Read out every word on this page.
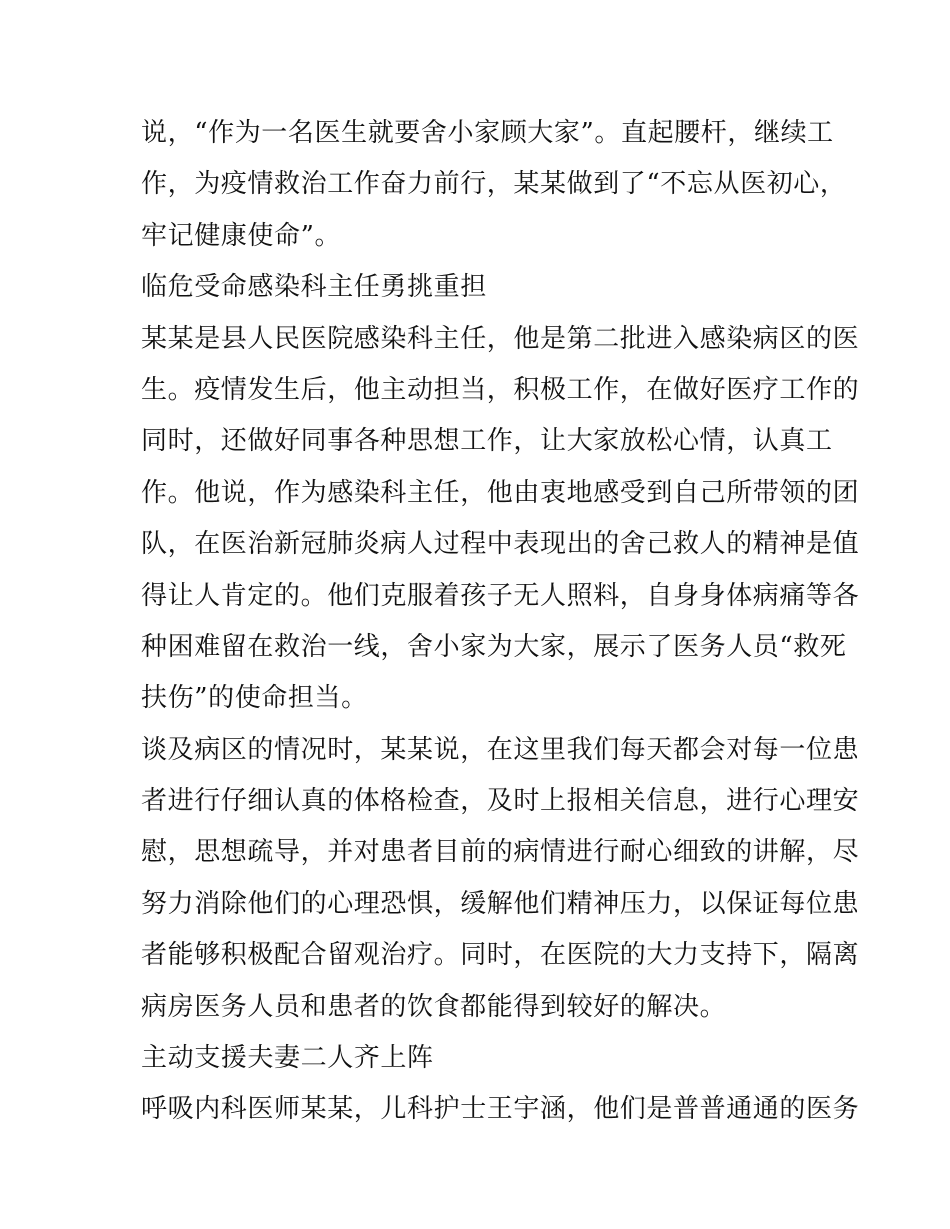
说，“作为一名医生就要舍小家顾大家”。直起腰杆，继续工
作，为疫情救治工作奋力前行，某某做到了“不忘从医初心，
牢记健康使命”。
临危受命感染科主任勇挑重担
某某是县人民医院感染科主任，他是第二批进入感染病区的医
生。疫情发生后，他主动担当，积极工作，在做好医疗工作的
同时，还做好同事各种思想工作，让大家放松心情，认真工
作。他说，作为感染科主任，他由衷地感受到自己所带领的团
队，在医治新冠肺炎病人过程中表现出的舍己救人的精神是值
得让人肯定的。他们克服着孩子无人照料，自身身体病痛等各
种困难留在救治一线，舍小家为大家，展示了医务人员“救死
扶伤”的使命担当。
谈及病区的情况时，某某说，在这里我们每天都会对每一位患
者进行仔细认真的体格检查，及时上报相关信息，进行心理安
慰，思想疏导，并对患者目前的病情进行耐心细致的讲解，尽
努力消除他们的心理恐惧，缓解他们精神压力，以保证每位患
者能够积极配合留观治疗。同时，在医院的大力支持下，隔离
病房医务人员和患者的饮食都能得到较好的解决。
主动支援夫妻二人齐上阵
呼吸内科医师某某，儿科护士王宇涵，他们是普普通通的医务
